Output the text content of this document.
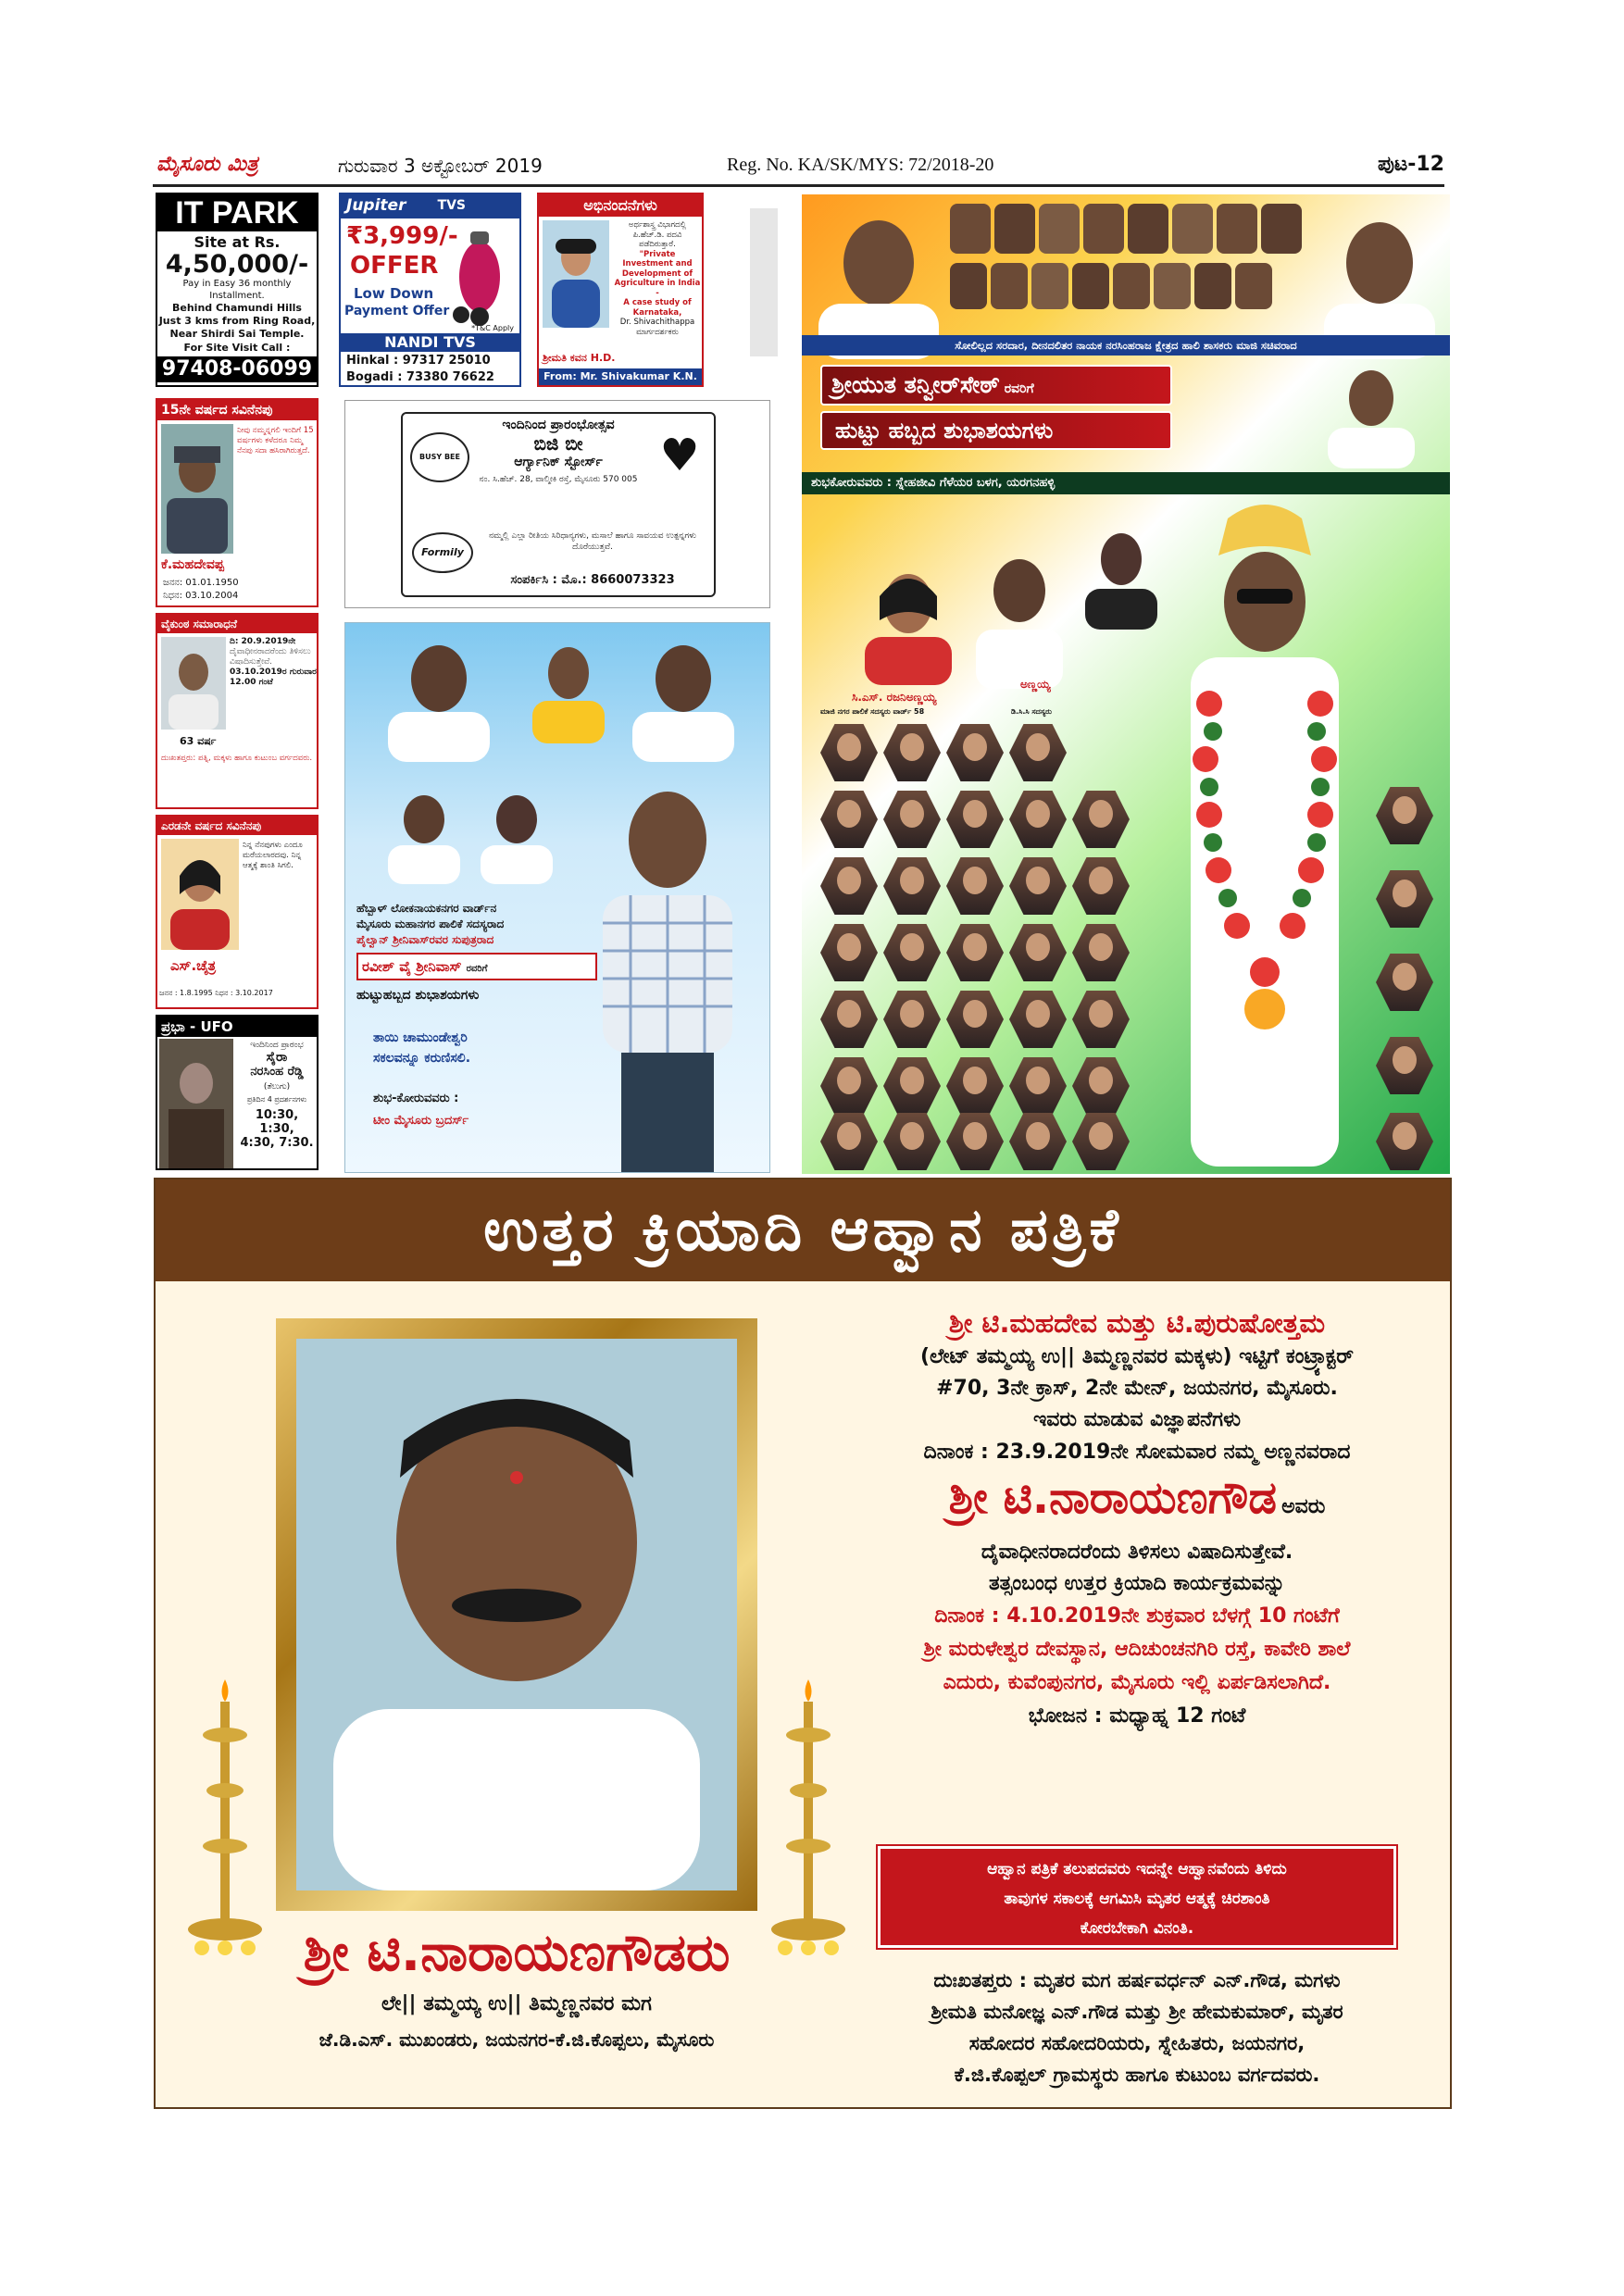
ಮೈಸೂರು ಮಿತ್ರ	ಗುರುವಾರ 3 ಅಕ್ಟೋಬರ್ 2019	Reg. No. KA/SK/MYS: 72/2018-20	ಪುಟ-12
IT PARK
Site at Rs.
4,50,000/-
Pay in Easy 36 monthly Installment.
Behind Chamundi Hills
Just 3 kms from Ring Road,
Near Shirdi Sai Temple.
For Site Visit Call :
97408-06099
Jupiter TVS
₹3,999/-
OFFER
Low Down
Payment Offer
*T&C Apply
NANDI TVS
Hinkal : 97317 25010
Bogadi : 73380 76622
ಅಭಿನಂದನೆಗಳು
ಅರ್ಥಶಾಸ್ತ್ರ ವಿಭಾಗದಲ್ಲಿ
ಪಿ.ಹೆಚ್.ಡಿ. ಪದವಿ
ಪಡೆದಿರುತ್ತಾರೆ.
"Private
Investment and
Development of
Agriculture in India -
A case study of
Karnataka,
Dr. Shivachithappa
ಮಾರ್ಗದರ್ಶಕರು
ಶ್ರೀಮತಿ ಕವನ H.D.
From: Mr. Shivakumar K.N.
15ನೇ ವರ್ಷದ ಸವಿನೆನಪು
ನೀವು ನಮ್ಮನ್ನಗಲಿ ಇಂದಿಗೆ 15 ವರ್ಷಗಳು ಕಳೆದರೂ ನಿಮ್ಮ ನೆನಪು ಸದಾ ಹಸಿರಾಗಿರುತ್ತದೆ.
ಕೆ.ಮಹದೇವಪ್ಪ
ಜನನ: 01.01.1950
ನಿಧನ: 03.10.2004
ವೈಕುಂಠ ಸಮಾರಾಧನೆ
ದಿ: 20.9.2019ನೇ
ದೈವಾಧೀನರಾದರೆಂದು ತಿಳಿಸಲು ವಿಷಾದಿಸುತ್ತೇವೆ.
03.10.2019ರ ಗುರುವಾರ
12.00 ಗಂಟೆ
63 ವರ್ಷ
ದುಃಖತಪ್ತರು: ಪತ್ನಿ, ಮಕ್ಕಳು ಹಾಗೂ ಕುಟುಂಬ ವರ್ಗದವರು.
ಎರಡನೇ ವರ್ಷದ ಸವಿನೆನಪು
ನಿನ್ನ ನೆನಪುಗಳು ಎಂದೂ ಮರೆಯಲಾರದವು. ನಿನ್ನ ಆತ್ಮಕ್ಕೆ ಶಾಂತಿ ಸಿಗಲಿ.
ಎಸ್.ಚೈತ್ರ
ಜನನ : 1.8.1995 ನಿಧನ : 3.10.2017
ಪ್ರಭಾ - UFO
ಇಂದಿನಿಂದ ಪ್ರಾರಂಭ
ಸೈರಾ
ನರಸಿಂಹ ರೆಡ್ಡಿ
(ತೆಲುಗು)
ಪ್ರತಿದಿನ 4 ಪ್ರದರ್ಶನಗಳು
10:30, 1:30,
4:30, 7:30.
ಇಂದಿನಿಂದ ಪ್ರಾರಂಭೋತ್ಸವ
ಬಿಜಿ ಬೀ
ಆರ್ಗ್ಯಾನಿಕ್ ಸ್ಟೋರ್ಸ್
BUSY BEE	♥
ನಂ. ಸಿ.ಹೆಚ್. 28, ವಾಲ್ಮೀಕಿ ರಸ್ತೆ, ಮೈಸೂರು 570 005
Formily
ನಮ್ಮಲ್ಲಿ ಎಲ್ಲಾ ರೀತಿಯ ಸಿರಿಧಾನ್ಯಗಳು, ಮಸಾಲೆ ಹಾಗೂ ಸಾವಯವ ಉತ್ಪನ್ನಗಳು ದೊರೆಯುತ್ತವೆ.
ಸಂಪರ್ಕಿಸಿ : ಮೊ.: 8660073323
ಹೆಬ್ಬಾಳ್ ಲೋಕನಾಯಕನಗರ ವಾರ್ಡ್‌ನ
ಮೈಸೂರು ಮಹಾನಗರ ಪಾಲಿಕೆ ಸದಸ್ಯರಾದ
ಪೈಲ್ವಾನ್ ಶ್ರೀನಿವಾಸ್‌ರವರ ಸುಪುತ್ರರಾದ
ರವೀಶ್ ವೈ ಶ್ರೀನಿವಾಸ್ ರವರಿಗೆ
ಹುಟ್ಟುಹಬ್ಬದ ಶುಭಾಶಯಗಳು
ತಾಯಿ ಚಾಮುಂಡೇಶ್ವರಿ
ಸಕಲವನ್ನೂ ಕರುಣಿಸಲಿ.
ಶುಭ-ಕೋರುವವರು :
ಟೀಂ ಮೈಸೂರು ಬ್ರದರ್ಸ್
ಸೋಲಿಲ್ಲದ ಸರದಾರ, ದೀನದಲಿತರ ನಾಯಕ ನರಸಿಂಹರಾಜ ಕ್ಷೇತ್ರದ ಹಾಲಿ ಶಾಸಕರು ಮಾಜಿ ಸಚಿವರಾದ
ಶ್ರೀಯುತ ತನ್ವೀರ್‌ಸೇಠ್ ರವರಿಗೆ
ಹುಟ್ಟು ಹಬ್ಬದ ಶುಭಾಶಯಗಳು
ಶುಭಕೋರುವವರು : ಸ್ನೇಹಜೀವಿ ಗೆಳೆಯರ ಬಳಗ, ಯರಗನಹಳ್ಳಿ
ಸಿ.ಎಸ್. ರಜನಿಅಣ್ಣಯ್ಯ
ಮಾಜಿ ನಗರ ಪಾಲಿಕೆ ಸದಸ್ಯರು ವಾರ್ಡ್ 58
ಅಣ್ಣಯ್ಯ
ಡಿ.ಸಿ.ಸಿ ಸದಸ್ಯರು
ಉತ್ತರ ಕ್ರಿಯಾದಿ ಆಹ್ವಾನ ಪತ್ರಿಕೆ
ಶ್ರೀ ಟಿ.ಮಹದೇವ ಮತ್ತು ಟಿ.ಪುರುಷೋತ್ತಮ
(ಲೇಟ್ ತಮ್ಮಯ್ಯ ಉ|| ತಿಮ್ಮಣ್ಣನವರ ಮಕ್ಕಳು) ಇಟ್ಟಿಗೆ ಕಂಟ್ರ್ಯಾಕ್ಟರ್
#70, 3ನೇ ಕ್ರಾಸ್, 2ನೇ ಮೇನ್, ಜಯನಗರ, ಮೈಸೂರು.
ಇವರು ಮಾಡುವ ವಿಜ್ಞಾಪನೆಗಳು
ದಿನಾಂಕ : 23.9.2019ನೇ ಸೋಮವಾರ ನಮ್ಮ ಅಣ್ಣನವರಾದ
ಶ್ರೀ ಟಿ.ನಾರಾಯಣಗೌಡ ಅವರು
ದೈವಾಧೀನರಾದರೆಂದು ತಿಳಿಸಲು ವಿಷಾದಿಸುತ್ತೇವೆ.
ತತ್ಸಂಬಂಧ ಉತ್ತರ ಕ್ರಿಯಾದಿ ಕಾರ್ಯಕ್ರಮವನ್ನು
ದಿನಾಂಕ : 4.10.2019ನೇ ಶುಕ್ರವಾರ ಬೆಳಗ್ಗೆ 10 ಗಂಟೆಗೆ
ಶ್ರೀ ಮರುಳೇಶ್ವರ ದೇವಸ್ಥಾನ, ಆದಿಚುಂಚನಗಿರಿ ರಸ್ತೆ, ಕಾವೇರಿ ಶಾಲೆ
ಎದುರು, ಕುವೆಂಪುನಗರ, ಮೈಸೂರು ಇಲ್ಲಿ ಏರ್ಪಡಿಸಲಾಗಿದೆ.
ಭೋಜನ : ಮಧ್ಯಾಹ್ನ 12 ಗಂಟೆ
ಆಹ್ವಾನ ಪತ್ರಿಕೆ ತಲುಪದವರು ಇದನ್ನೇ ಆಹ್ವಾನವೆಂದು ತಿಳಿದು
ತಾವುಗಳ ಸಕಾಲಕ್ಕೆ ಆಗಮಿಸಿ ಮೃತರ ಆತ್ಮಕ್ಕೆ ಚಿರಶಾಂತಿ
ಕೋರಬೇಕಾಗಿ ವಿನಂತಿ.
ದುಃಖತಪ್ತರು : ಮೃತರ ಮಗ ಹರ್ಷವರ್ಧನ್ ಎನ್.ಗೌಡ, ಮಗಳು
ಶ್ರೀಮತಿ ಮನೋಜ್ಞ ಎನ್.ಗೌಡ ಮತ್ತು ಶ್ರೀ ಹೇಮಕುಮಾರ್, ಮೃತರ
ಸಹೋದರ ಸಹೋದರಿಯರು, ಸ್ನೇಹಿತರು, ಜಯನಗರ,
ಕೆ.ಜಿ.ಕೊಪ್ಪಲ್ ಗ್ರಾಮಸ್ಥರು ಹಾಗೂ ಕುಟುಂಬ ವರ್ಗದವರು.
ಶ್ರೀ ಟಿ.ನಾರಾಯಣಗೌಡರು
ಲೇ|| ತಮ್ಮಯ್ಯ ಉ|| ತಿಮ್ಮಣ್ಣನವರ ಮಗ
ಜೆ.ಡಿ.ಎಸ್. ಮುಖಂಡರು, ಜಯನಗರ-ಕೆ.ಜಿ.ಕೊಪ್ಪಲು, ಮೈಸೂರು
